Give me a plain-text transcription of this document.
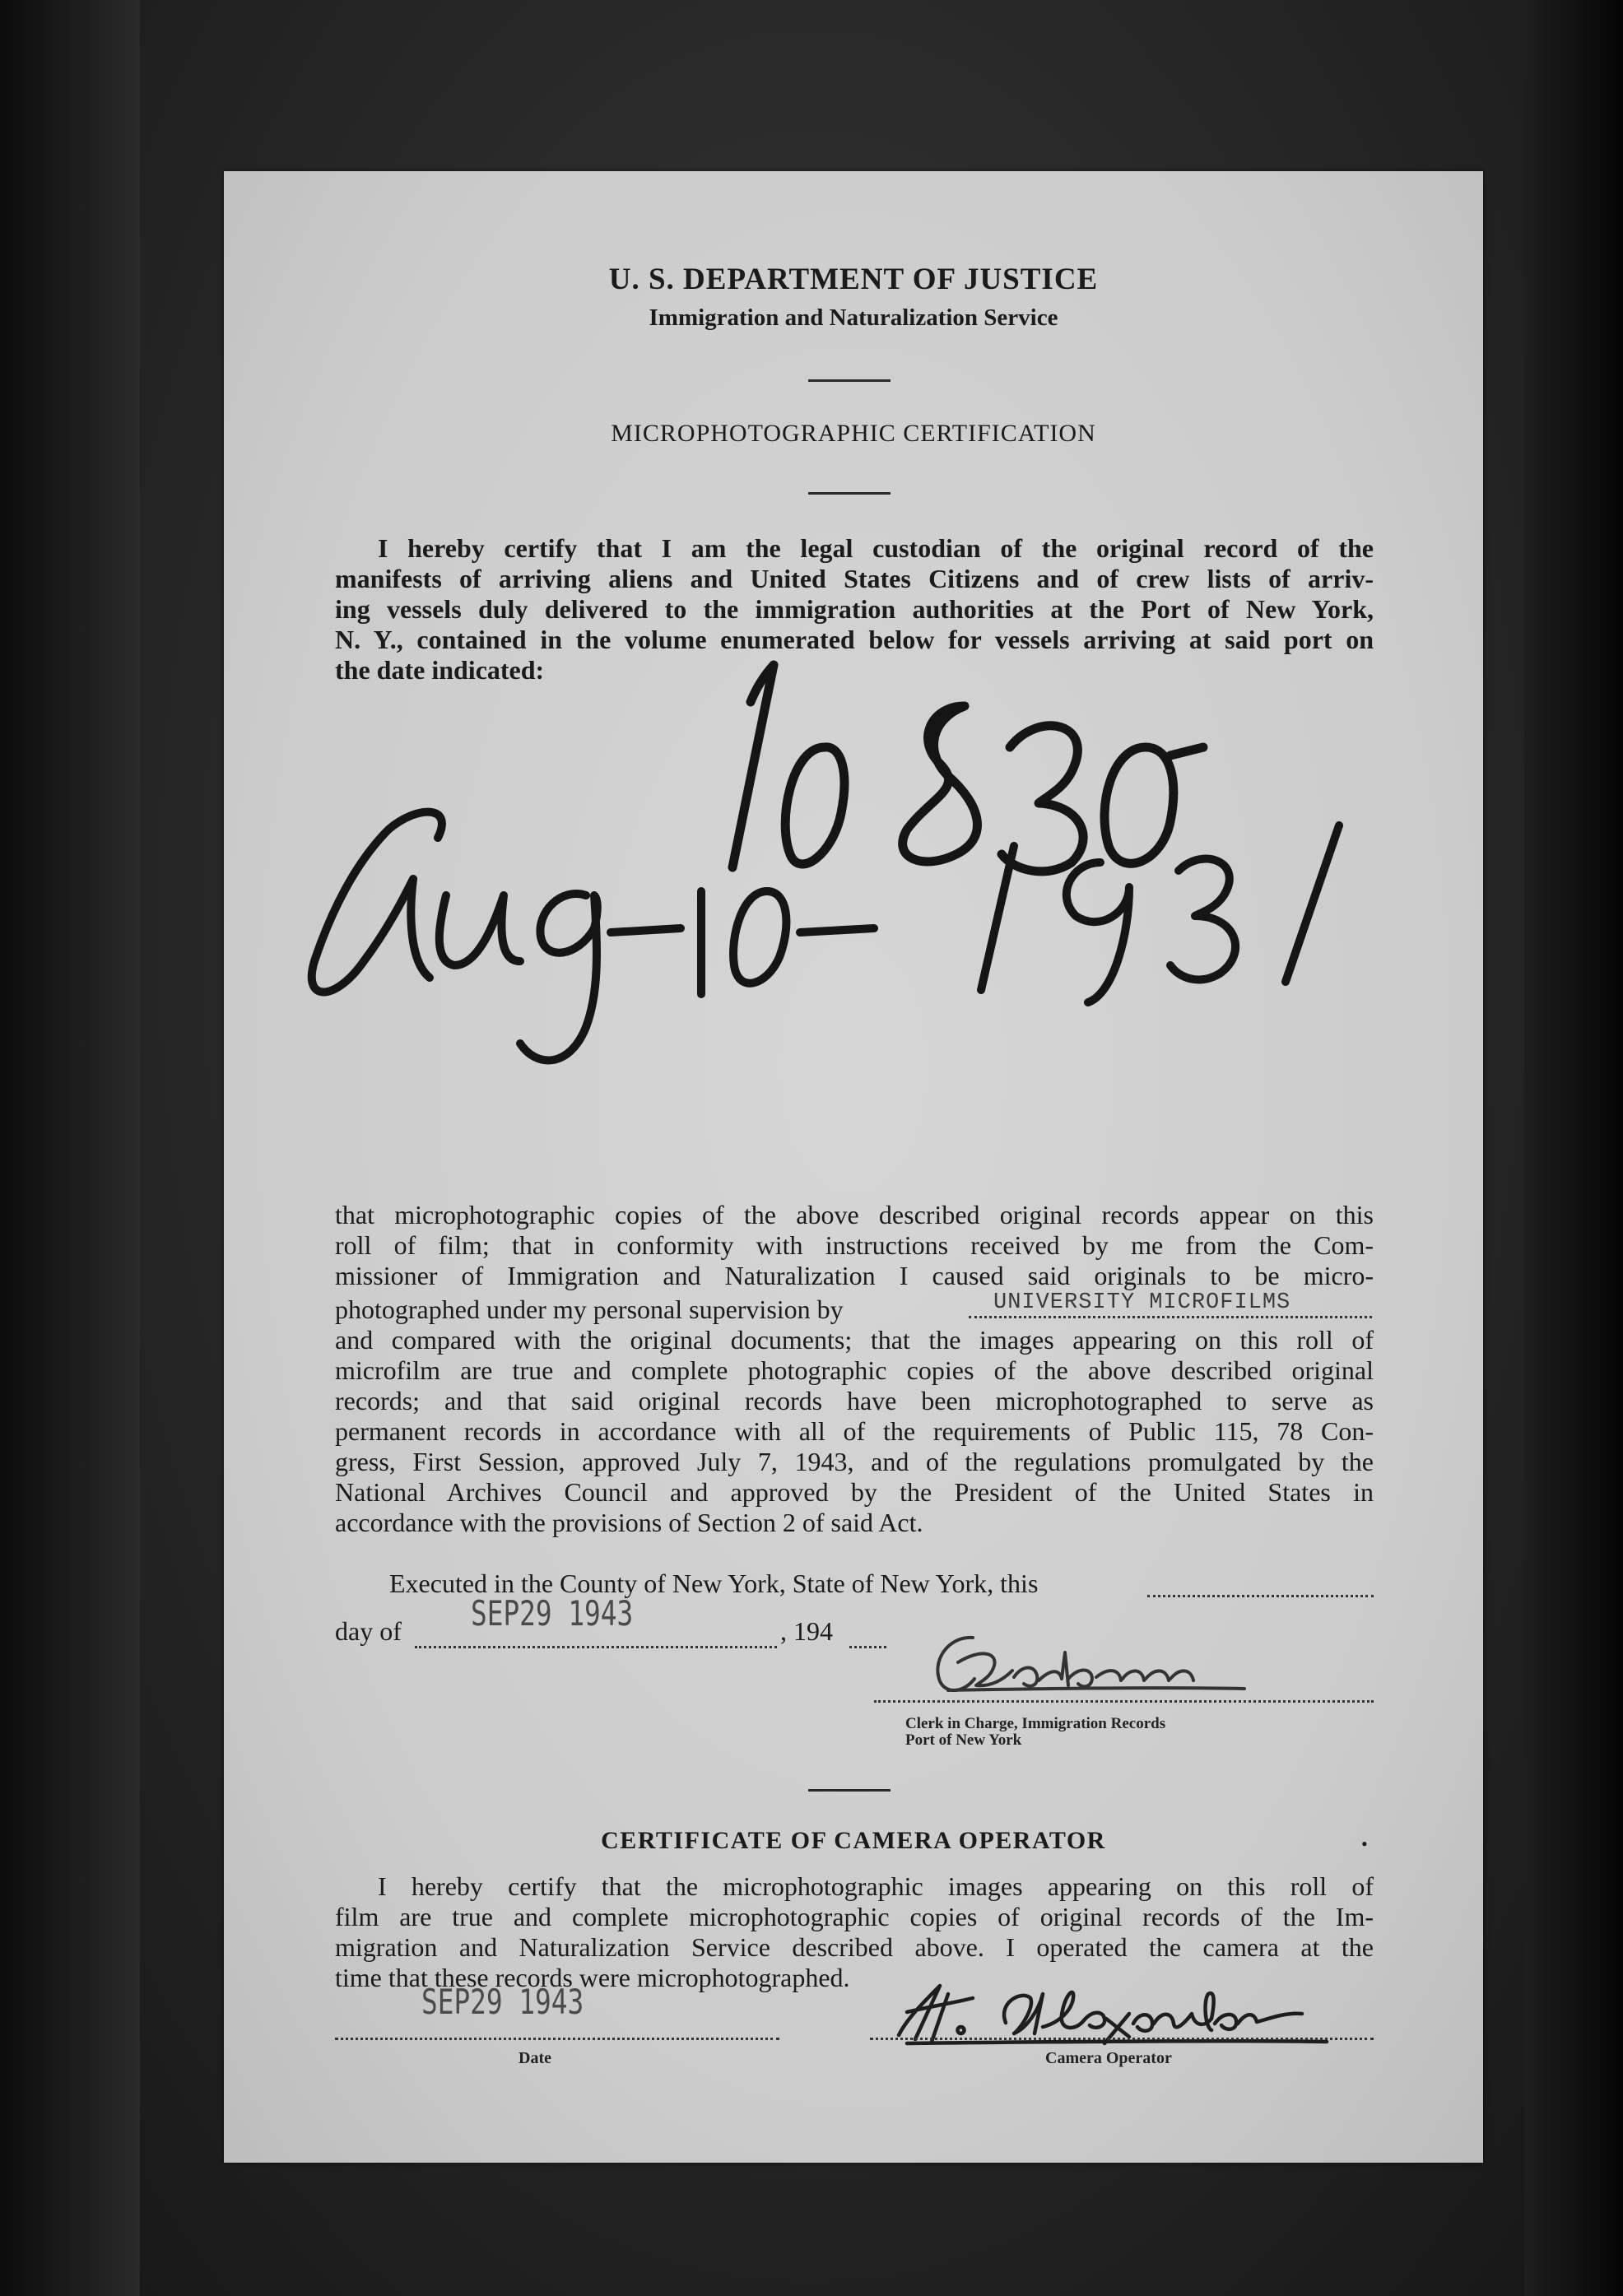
U. S. DEPARTMENT OF JUSTICE
Immigration and Naturalization Service
MICROPHOTOGRAPHIC CERTIFICATION
I hereby certify that I am the legal custodian of the original record of the
manifests of arriving aliens and United States Citizens and of crew lists of arriv-
ing vessels duly delivered to the immigration authorities at the Port of New York,
N. Y., contained in the volume enumerated below for vessels arriving at said port on
the date indicated:
that microphotographic copies of the above described original records appear on this
roll of film; that in conformity with instructions received by me from the Com-
missioner of Immigration and Naturalization I caused said originals to be micro-
photographed under my personal supervision by	UNIVERSITY MICROFILMS
and compared with the original documents; that the images appearing on this roll of
microfilm are true and complete photographic copies of the above described original
records; and that said original records have been microphotographed to serve as
permanent records in accordance with all of the requirements of Public 115, 78 Con-
gress, First Session, approved July 7, 1943, and of the regulations promulgated by the
National Archives Council and approved by the President of the United States in
accordance with the provisions of Section 2 of said Act.
Executed in the County of New York, State of New York, this
day of SEP29 1943	, 194
Clerk in Charge, Immigration Records
Port of New York
CERTIFICATE OF CAMERA OPERATOR	•
I hereby certify that the microphotographic images appearing on this roll of
film are true and complete microphotographic copies of original records of the Im-
migration and Naturalization Service described above. I operated the camera at the
time that these records were microphotographed.
SEP29 1943
Date	Camera Operator
